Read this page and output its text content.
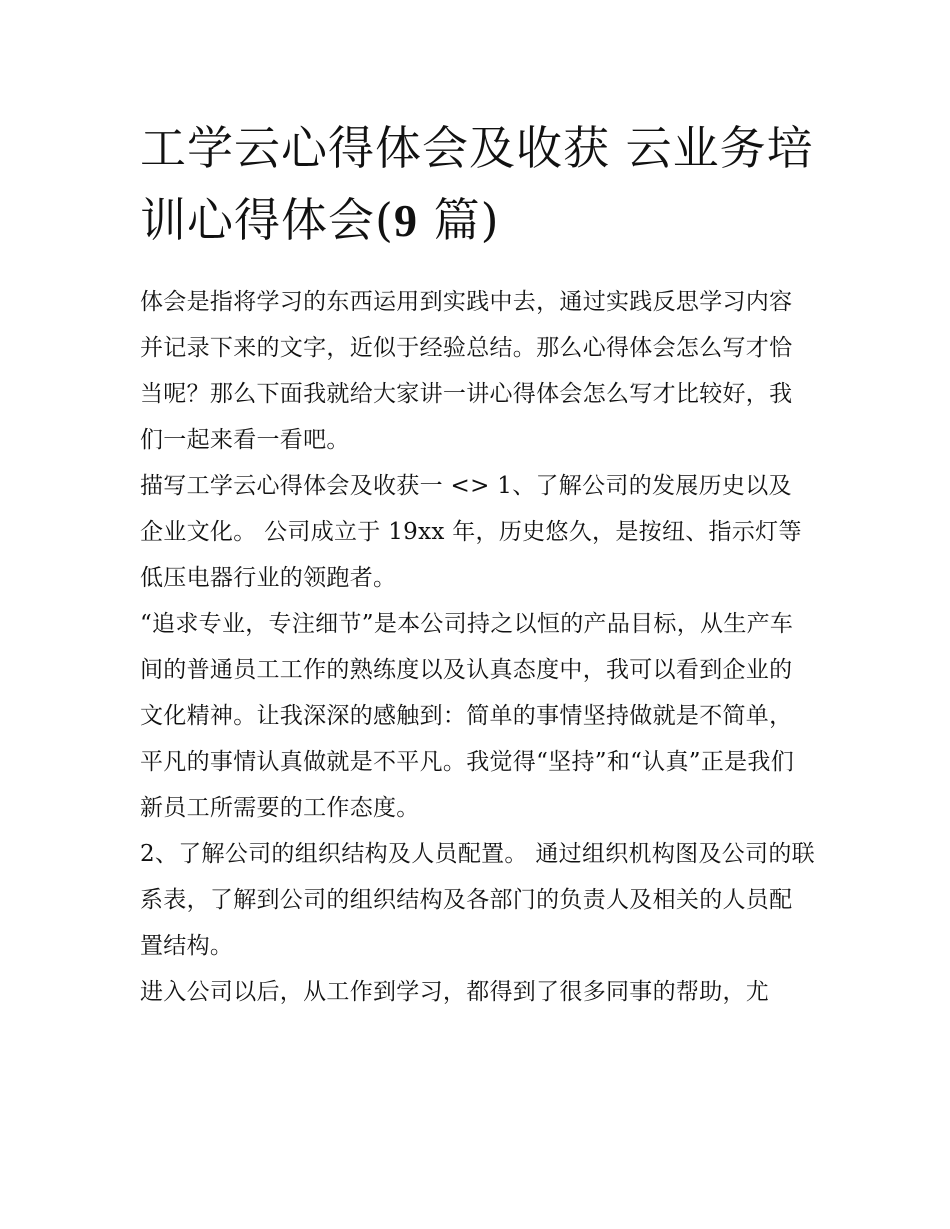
工学云心得体会及收获 云业务培训心得体会(9 篇)

体会是指将学习的东西运用到实践中去，通过实践反思学习内容并记录下来的文字，近似于经验总结。那么心得体会怎么写才恰当呢？那么下面我就给大家讲一讲心得体会怎么写才比较好，我们一起来看一看吧。

描写工学云心得体会及收获一 <> 1、了解公司的发展历史以及企业文化。 公司成立于 19xx 年，历史悠久，是按纽、指示灯等低压电器行业的领跑者。

“追求专业，专注细节”是本公司持之以恒的产品目标，从生产车间的普通员工工作的熟练度以及认真态度中，我可以看到企业的文化精神。让我深深的感触到：简单的事情坚持做就是不简单，平凡的事情认真做就是不平凡。我觉得“坚持”和“认真”正是我们新员工所需要的工作态度。

2、了解公司的组织结构及人员配置。 通过组织机构图及公司的联系表，了解到公司的组织结构及各部门的负责人及相关的人员配置结构。

进入公司以后，从工作到学习，都得到了很多同事的帮助，尤
